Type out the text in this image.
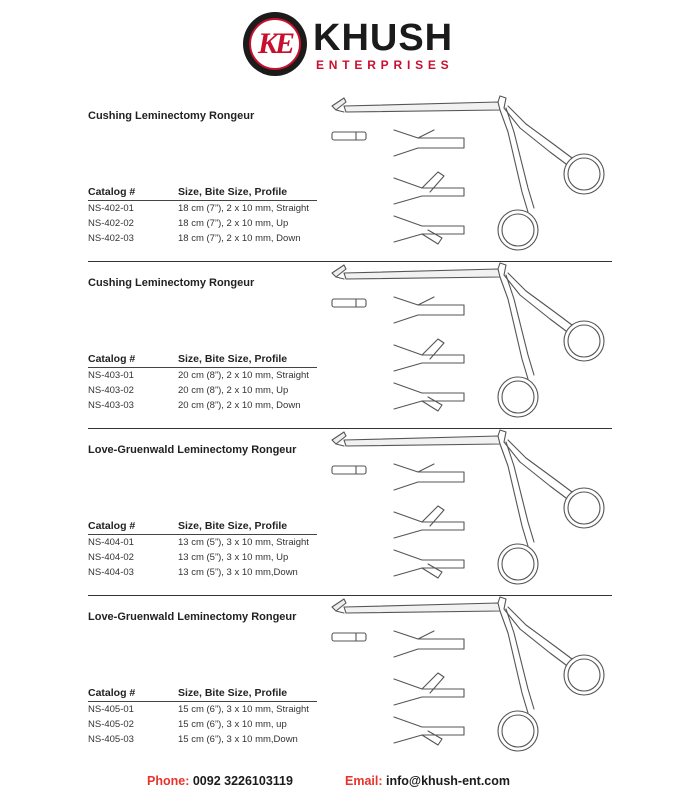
KE KHUSH
ENTERPRISES
Cushing Leminectomy Rongeur
Catalog #	Size, Bite Size, Profile
NS-402-01	18 cm (7”), 2 x 10 mm, Straight
NS-402-02	18 cm (7”), 2 x 10 mm, Up
NS-402-03	18 cm (7”), 2 x 10 mm, Down
Cushing Leminectomy Rongeur
Catalog #	Size, Bite Size, Profile
NS-403-01	20 cm (8”), 2 x 10 mm, Straight
NS-403-02	20 cm (8”), 2 x 10 mm, Up
NS-403-03	20 cm (8”), 2 x 10 mm, Down
Love-Gruenwald Leminectomy Rongeur
Catalog #	Size, Bite Size, Profile
NS-404-01	13 cm (5”), 3 x 10 mm, Straight
NS-404-02	13 cm (5”), 3 x 10 mm, Up
NS-404-03	13 cm (5”), 3 x 10 mm,Down
Love-Gruenwald Leminectomy Rongeur
Catalog #	Size, Bite Size, Profile
NS-405-01	15 cm (6”), 3 x 10 mm, Straight
NS-405-02	15 cm (6”), 3 x 10 mm, up
NS-405-03	15 cm (6”), 3 x 10 mm,Down
Phone: 0092 3226103119	Email: info@khush-ent.com
